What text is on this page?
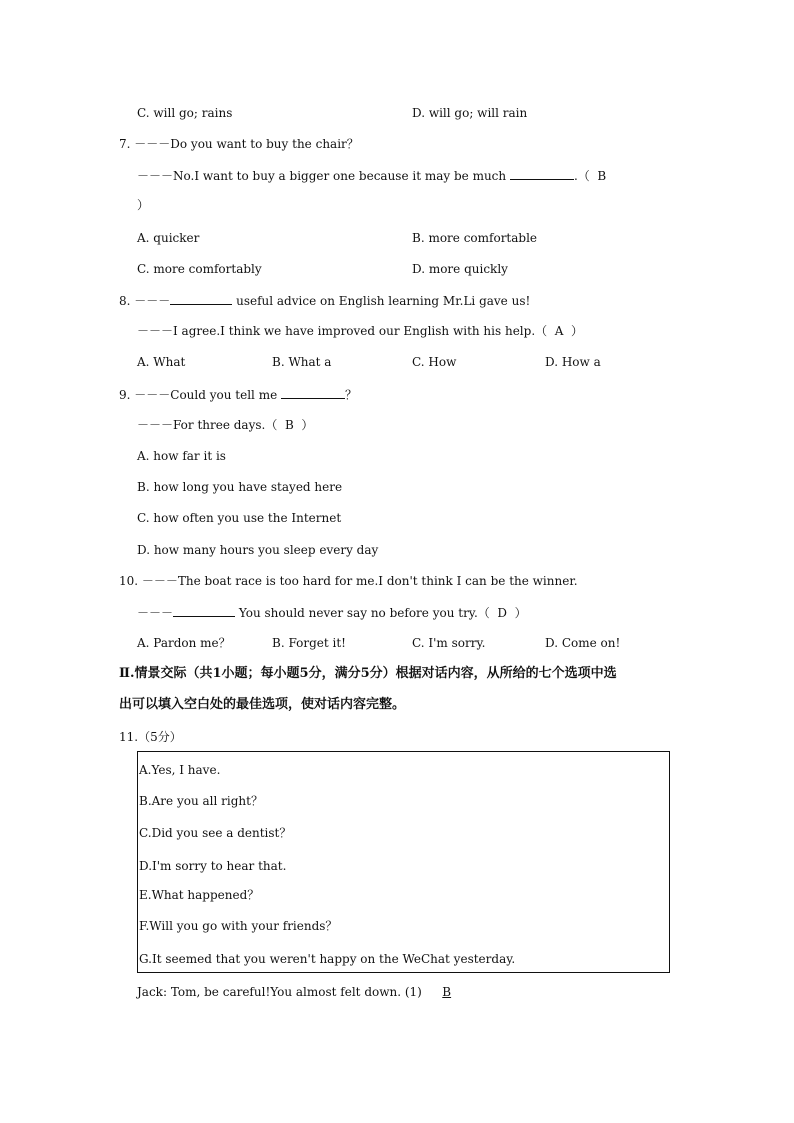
C. will go; rains	D. will go; will rain
7. －－－Do you want to buy the chair？
－－－No.I want to buy a bigger one because it may be much	.（  B
）
A. quicker	B. more comfortable
C. more comfortably	D. more quickly
8. －－－	useful advice on English learning Mr.Li gave us!
－－－I agree.I think we have improved our English with his help.（  A  ）
A. What	B. What a	C. How	D. How a
9. －－－Could you tell me	？
－－－For three days.（  B  ）
A. how far it is
B. how long you have stayed here
C. how often you use the Internet
D. how many hours you sleep every day
10. －－－The boat race is too hard for me.I don't think I can be the winner.
－－－	You should never say no before you try.（  D  ）
A. Pardon me？	B. Forget it!	C. I'm sorry.	D. Come on!
Ⅱ.情景交际（共1小题；每小题5分，满分5分）根据对话内容，从所给的七个选项中选
出可以填入空白处的最佳选项，使对话内容完整。
11.（5分）
A.Yes, I have.
B.Are you all right？
C.Did you see a dentist？
D.I'm sorry to hear that.
E.What happened？
F.Will you go with your friends？
G.It seemed that you weren't happy on the WeChat yesterday.
Jack: Tom, be careful!You almost felt down. (1) B
